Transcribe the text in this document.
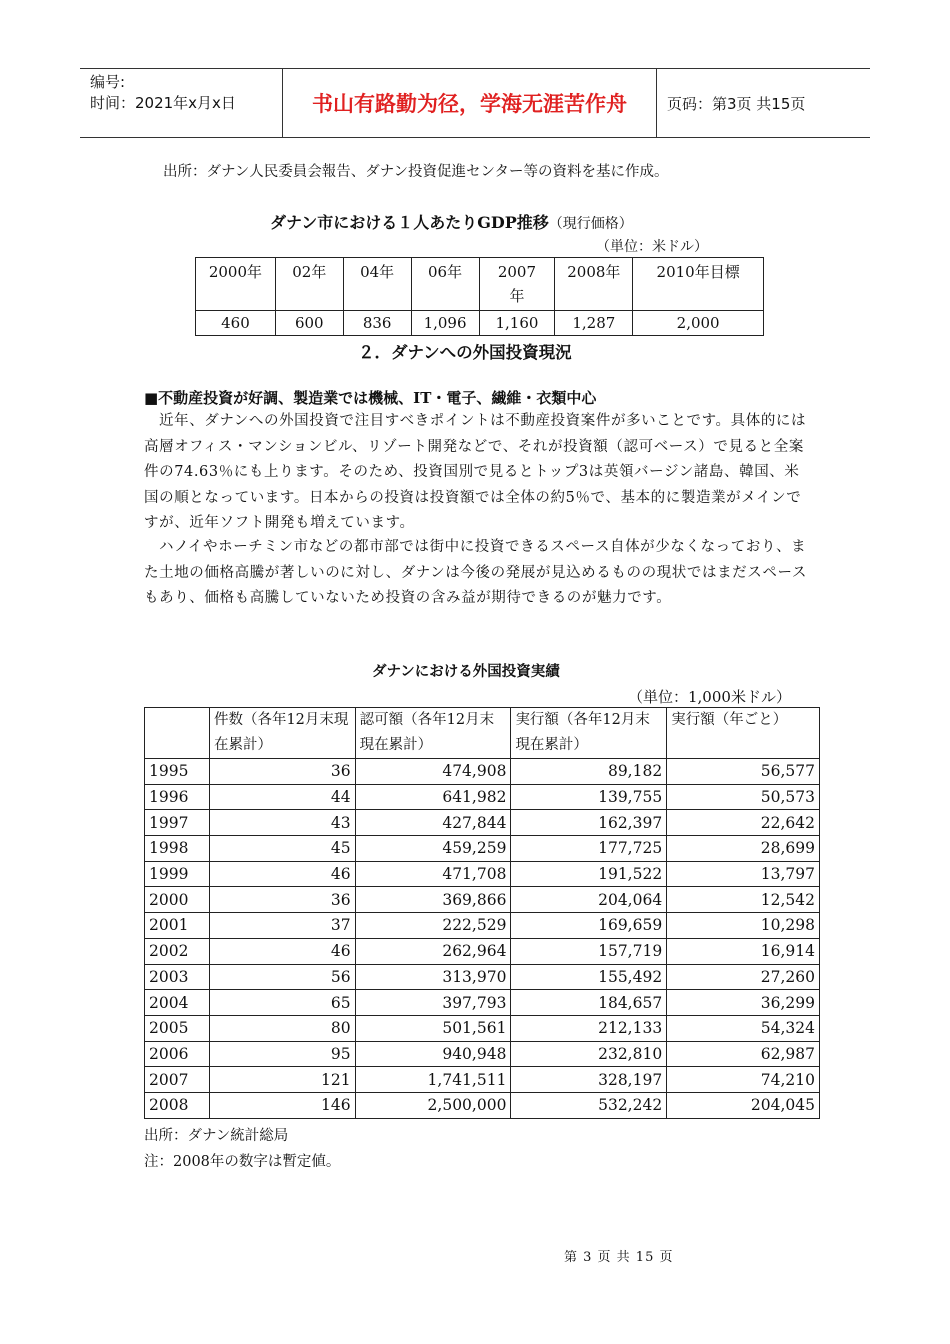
编号:
时间：2021年x月x日	书山有路勤为径，学海无涯苦作舟	页码：第3页 共15页
出所：ダナン人民委員会報告、ダナン投資促進センター等の資料を基に作成。
ダナン市における１人あたりGDP推移（現行価格）
（単位：米ドル）
2000年	02年	04年	06年	2007年	2008年	2010年目標
460	600	836	1,096	1,160	1,287	2,000
２．ダナンへの外国投資現況
■不動産投資が好調、製造業では機械、IT・電子、繊維・衣類中心
近年、ダナンへの外国投資で注目すべきポイントは不動産投資案件が多いことです。具体的には高層オフィス・マンションビル、リゾート開発などで、それが投資額（認可ベース）で見ると全案件の74.63％にも上ります。そのため、投資国別で見るとトップ3は英領バージン諸島、韓国、米国の順となっています。日本からの投資は投資額では全体の約5％で、基本的に製造業がメインですが、近年ソフト開発も増えています。
ハノイやホーチミン市などの都市部では街中に投資できるスペース自体が少なくなっており、また土地の価格高騰が著しいのに対し、ダナンは今後の発展が見込めるものの現状ではまだスペースもあり、価格も高騰していないため投資の含み益が期待できるのが魅力です。
ダナンにおける外国投資実績
（単位：1,000米ドル）
	件数（各年12月末現在累計）	認可額（各年12月末現在累計）	実行額（各年12月末現在累計）	実行額（年ごと）
1995	36	474,908	89,182	56,577
1996	44	641,982	139,755	50,573
1997	43	427,844	162,397	22,642
1998	45	459,259	177,725	28,699
1999	46	471,708	191,522	13,797
2000	36	369,866	204,064	12,542
2001	37	222,529	169,659	10,298
2002	46	262,964	157,719	16,914
2003	56	313,970	155,492	27,260
2004	65	397,793	184,657	36,299
2005	80	501,561	212,133	54,324
2006	95	940,948	232,810	62,987
2007	121	1,741,511	328,197	74,210
2008	146	2,500,000	532,242	204,045
出所：ダナン統計総局
注：2008年の数字は暫定値。
第 3 页 共 15 页
